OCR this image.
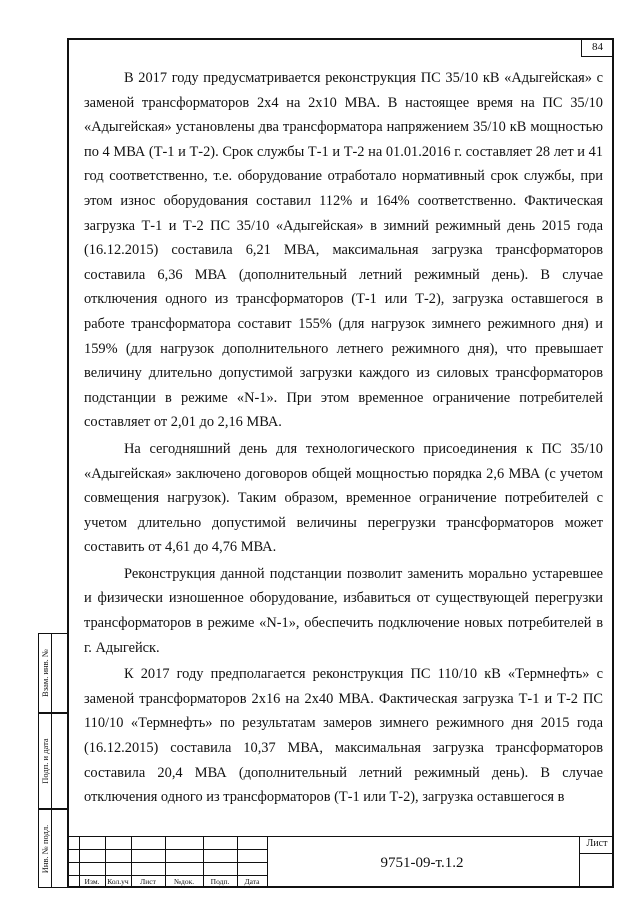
84

В 2017 году предусматривается реконструкция ПС 35/10 кВ «Адыгейская» с заменой трансформаторов 2х4 на 2х10 МВА. В настоящее время на ПС 35/10 «Адыгейская» установлены два трансформатора напряжением 35/10 кВ мощностью по 4 МВА (Т-1 и Т-2). Срок службы Т-1 и Т-2 на 01.01.2016 г. составляет 28 лет и 41 год соответственно, т.е. оборудование отработало нормативный срок службы, при этом износ оборудования составил 112% и 164% соответственно. Фактическая загрузка Т-1 и Т-2 ПС 35/10 «Адыгейская» в зимний режимный день 2015 года (16.12.2015) составила 6,21 МВА, максимальная загрузка трансформаторов составила 6,36 МВА (дополнительный летний режимный день). В случае отключения одного из трансформаторов (Т-1 или Т-2), загрузка оставшегося в работе трансформатора составит 155% (для нагрузок зимнего режимного дня) и 159% (для нагрузок дополнительного летнего режимного дня), что превышает величину длительно допустимой загрузки каждого из силовых трансформаторов подстанции в режиме «N-1». При этом временное ограничение потребителей составляет от 2,01 до 2,16 МВА.

На сегодняшний день для технологического присоединения к ПС 35/10 «Адыгейская» заключено договоров общей мощностью порядка 2,6 МВА (с учетом совмещения нагрузок). Таким образом, временное ограничение потребителей с учетом длительно допустимой величины перегрузки трансформаторов может составить от 4,61 до 4,76 МВА.

Реконструкция данной подстанции позволит заменить морально устаревшее и физически изношенное оборудование, избавиться от существующей перегрузки трансформаторов в режиме «N-1», обеспечить подключение новых потребителей в г. Адыгейск.

К 2017 году предполагается реконструкция ПС 110/10 кВ «Термнефть» с заменой трансформаторов 2х16 на 2х40 МВА. Фактическая загрузка Т-1 и Т-2 ПС 110/10 «Термнефть» по результатам замеров зимнего режимного дня 2015 года (16.12.2015) составила 10,37 МВА, максимальная загрузка трансформаторов составила 20,4 МВА (дополнительный летний режимный день). В случае отключения одного из трансформаторов (Т-1 или Т-2), загрузка оставшегося в

Взам. инв. №
Подп. и дата
Инв. № подл.
Изм.	Кол.уч	Лист	№док.	Подп.	Дата
9751-09-т.1.2
Лист
